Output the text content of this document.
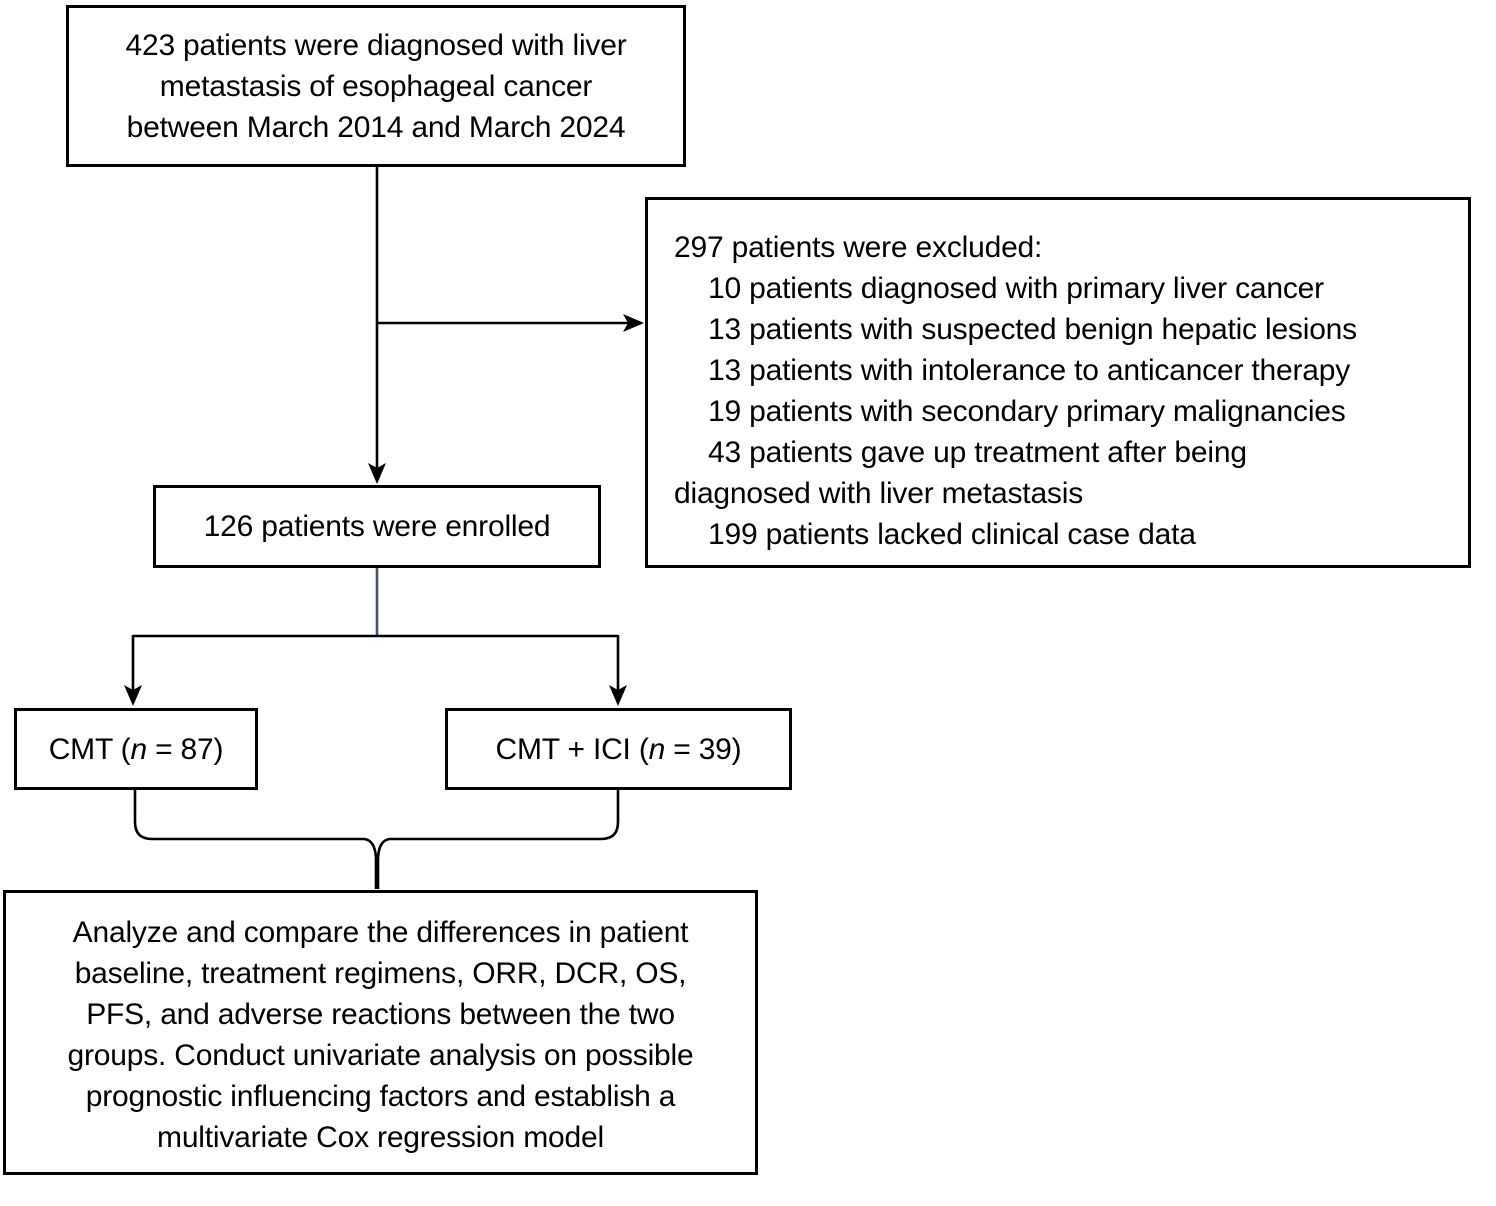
423 patients were diagnosed with liver
metastasis of esophageal cancer
between March 2014 and March 2024
297 patients were excluded:
10 patients diagnosed with primary liver cancer
13 patients with suspected benign hepatic lesions
13 patients with intolerance to anticancer therapy
19 patients with secondary primary malignancies
43 patients gave up treatment after being
diagnosed with liver metastasis
199 patients lacked clinical case data
126 patients were enrolled
CMT (n = 87)	CMT + ICI (n = 39)
Analyze and compare the differences in patient
baseline, treatment regimens, ORR, DCR, OS,
PFS, and adverse reactions between the two
groups. Conduct univariate analysis on possible
prognostic influencing factors and establish a
multivariate Cox regression model
